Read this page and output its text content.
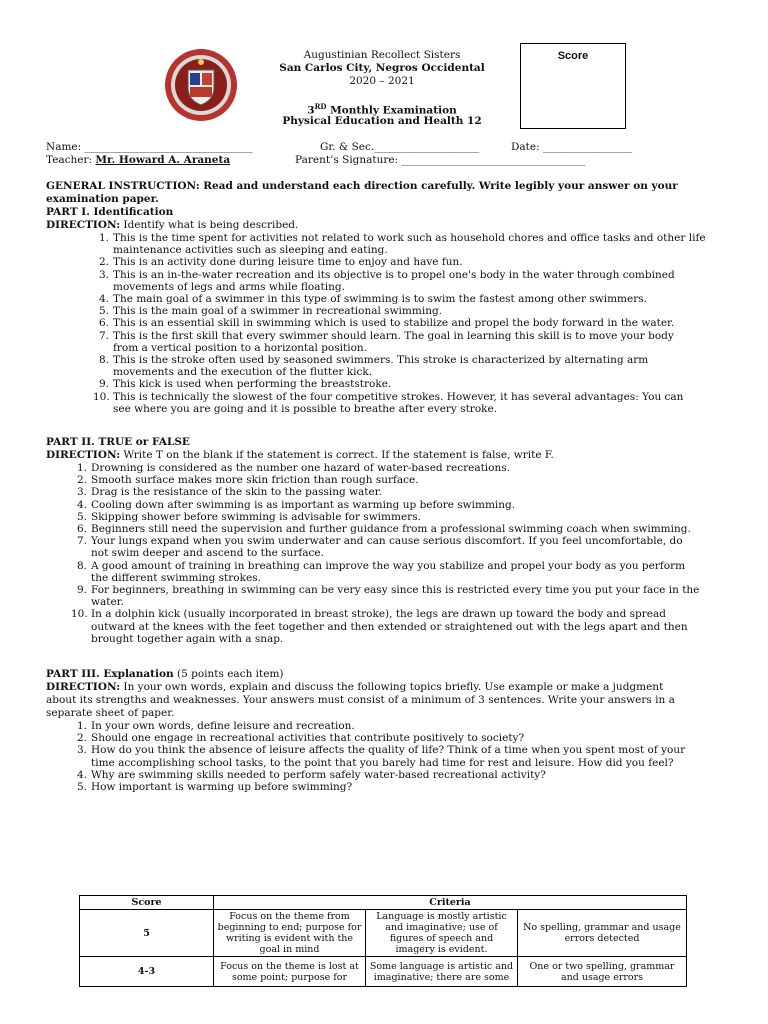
Augustinian Recollect Sisters
San Carlos City, Negros Occidental
2020 – 2021
3RD Monthly Examination
Physical Education and Health 12
Score
Name: ________________________________	Gr. & Sec.____________________	Date: _________________
Teacher: Mr. Howard A. Araneta	Parent’s Signature: ___________________________________
GENERAL INSTRUCTION: Read and understand each direction carefully. Write legibly your answer on your
examination paper.
PART I. Identification
DIRECTION: Identify what is being described.
1. This is the time spent for activities not related to work such as household chores and office tasks and other life
maintenance activities such as sleeping and eating.
2. This is an activity done during leisure time to enjoy and have fun.
3. This is an in-the-water recreation and its objective is to propel one's body in the water through combined
movements of legs and arms while floating.
4. The main goal of a swimmer in this type of swimming is to swim the fastest among other swimmers.
5. This is the main goal of a swimmer in recreational swimming.
6. This is an essential skill in swimming which is used to stabilize and propel the body forward in the water.
7. This is the first skill that every swimmer should learn. The goal in learning this skill is to move your body
from a vertical position to a horizontal position.
8. This is the stroke often used by seasoned swimmers. This stroke is characterized by alternating arm
movements and the execution of the flutter kick.
9. This kick is used when performing the breaststroke.
10. This is technically the slowest of the four competitive strokes. However, it has several advantages: You can
see where you are going and it is possible to breathe after every stroke.
PART II. TRUE or FALSE
DIRECTION: Write T on the blank if the statement is correct. If the statement is false, write F.
1. Drowning is considered as the number one hazard of water-based recreations.
2. Smooth surface makes more skin friction than rough surface.
3. Drag is the resistance of the skin to the passing water.
4. Cooling down after swimming is as important as warming up before swimming.
5. Skipping shower before swimming is advisable for swimmers.
6. Beginners still need the supervision and further guidance from a professional swimming coach when swimming.
7. Your lungs expand when you swim underwater and can cause serious discomfort. If you feel uncomfortable, do
not swim deeper and ascend to the surface.
8. A good amount of training in breathing can improve the way you stabilize and propel your body as you perform
the different swimming strokes.
9. For beginners, breathing in swimming can be very easy since this is restricted every time you put your face in the
water.
10. In a dolphin kick (usually incorporated in breast stroke), the legs are drawn up toward the body and spread
outward at the knees with the feet together and then extended or straightened out with the legs apart and then
brought together again with a snap.
PART III. Explanation (5 points each item)
DIRECTION: In your own words, explain and discuss the following topics briefly. Use example or make a judgment
about its strengths and weaknesses. Your answers must consist of a minimum of 3 sentences. Write your answers in a
separate sheet of paper.
1. In your own words, define leisure and recreation.
2. Should one engage in recreational activities that contribute positively to society?
3. How do you think the absence of leisure affects the quality of life? Think of a time when you spent most of your
time accomplishing school tasks, to the point that you barely had time for rest and leisure. How did you feel?
4. Why are swimming skills needed to perform safely water-based recreational activity?
5. How important is warming up before swimming?
Score	Criteria		
5	Focus on the theme from beginning to end; purpose for writing is evident with the goal in mind	Language is mostly artistic and imaginative; use of figures of speech and imagery is evident.	No spelling, grammar and usage errors detected
4-3	Focus on the theme is lost at some point; purpose for	Some language is artistic and imaginative; there are some	One or two spelling, grammar and usage errors
